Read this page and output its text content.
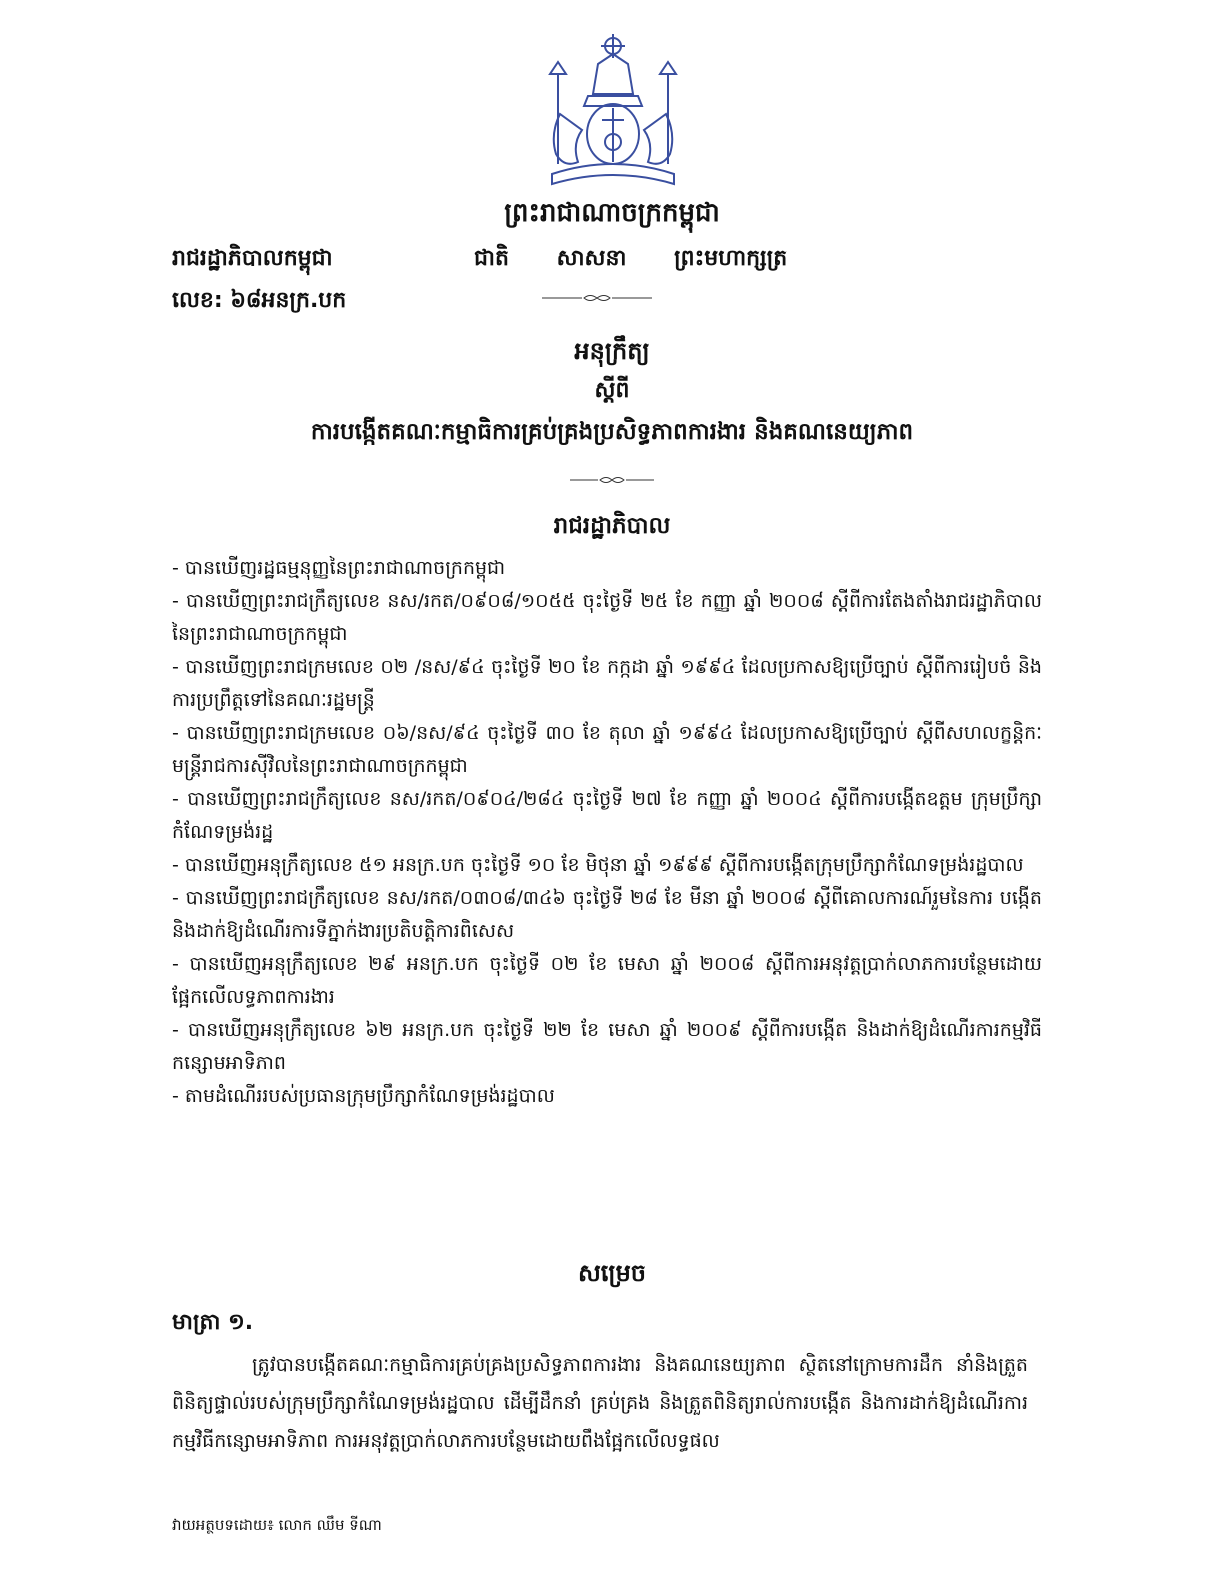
ព្រះរាជាណាចក្រកម្ពុជា
រាជរដ្ឋាភិបាលកម្ពុជា	ជាតិ សាសនា ព្រះមហាក្សត្រ
លេខ: ៦៨អនក្រ.បក
អនុក្រឹត្យ
ស្តីពី
ការបង្កើតគណៈកម្មាធិការគ្រប់គ្រងប្រសិទ្ធភាពការងារ និងគណនេយ្យភាព
រាជរដ្ឋាភិបាល
- បានឃើញរដ្ឋធម្មនុញ្ញនៃព្រះរាជាណាចក្រកម្ពុជា
- បានឃើញព្រះរាជក្រឹត្យលេខ នស/រកត/០៩០៨/១០៥៥ ចុះថ្ងៃទី ២៥ ខែ កញ្ញា ឆ្នាំ ២០០៨ ស្តីពីការតែងតាំងរាជរដ្ឋាភិបាល នៃព្រះរាជាណាចក្រកម្ពុជា
- បានឃើញព្រះរាជក្រមលេខ ០២ /នស/៩៤ ចុះថ្ងៃទី ២០ ខែ កក្កដា ឆ្នាំ ១៩៩៤ ដែលប្រកាសឱ្យប្រើច្បាប់ ស្តីពីការរៀបចំ និងការប្រព្រឹត្តទៅនៃគណៈរដ្ឋមន្ត្រី
- បានឃើញព្រះរាជក្រមលេខ ០៦/នស/៩៤ ចុះថ្ងៃទី ៣០ ខែ តុលា ឆ្នាំ ១៩៩៤ ដែលប្រកាសឱ្យប្រើច្បាប់ ស្តីពីសហលក្ខន្តិកៈ មន្ត្រីរាជការស៊ីវិលនៃព្រះរាជាណាចក្រកម្ពុជា
- បានឃើញព្រះរាជក្រឹត្យលេខ នស/រកត/០៩០៤/២៨៤ ចុះថ្ងៃទី ២៧ ខែ កញ្ញា ឆ្នាំ ២០០៤ ស្តីពីការបង្កើតឧត្តម ក្រុមប្រឹក្សាកំណែទម្រង់រដ្ឋ
- បានឃើញអនុក្រឹត្យលេខ ៥១ អនក្រ.បក ចុះថ្ងៃទី ១០ ខែ មិថុនា ឆ្នាំ ១៩៩៩ ស្តីពីការបង្កើតក្រុមប្រឹក្សាកំណែទម្រង់រដ្ឋបាល
- បានឃើញព្រះរាជក្រឹត្យលេខ នស/រកត/០៣០៨/៣៤៦ ចុះថ្ងៃទី ២៨ ខែ មីនា ឆ្នាំ ២០០៨ ស្តីពីគោលការណ៍រួមនៃការ បង្កើត និងដាក់ឱ្យដំណើរការទីភ្នាក់ងារប្រតិបត្តិការពិសេស
- បានឃើញអនុក្រឹត្យលេខ ២៩ អនក្រ.បក ចុះថ្ងៃទី ០២ ខែ មេសា ឆ្នាំ ២០០៨ ស្តីពីការអនុវត្តប្រាក់លាភការបន្ថែមដោយ ផ្អែកលើលទ្ធភាពការងារ
- បានឃើញអនុក្រឹត្យលេខ ៦២ អនក្រ.បក ចុះថ្ងៃទី ២២ ខែ មេសា ឆ្នាំ ២០០៩ ស្តីពីការបង្កើត និងដាក់ឱ្យដំណើរការកម្មវិធី កន្សោមអាទិភាព
- តាមដំណើររបស់ប្រធានក្រុមប្រឹក្សាកំណែទម្រង់រដ្ឋបាល
សម្រេច
មាត្រា ១.

ត្រូវបានបង្កើតគណៈកម្មាធិការគ្រប់គ្រងប្រសិទ្ធភាពការងារ និងគណនេយ្យភាព ស្ថិតនៅក្រោមការដឹក នាំនិងត្រួតពិនិត្យផ្ទាល់របស់ក្រុមប្រឹក្សាកំណែទម្រង់រដ្ឋបាល ដើម្បីដឹកនាំ គ្រប់គ្រង និងត្រួតពិនិត្យរាល់ការបង្កើត និងការដាក់ឱ្យដំណើរការកម្មវិធីកន្សោមអាទិភាព ការអនុវត្តប្រាក់លាភការបន្ថែមដោយពឹងផ្អែកលើលទ្ធផល

វាយអត្ថបទដោយ៖ លោក ឈឹម ទីណា
